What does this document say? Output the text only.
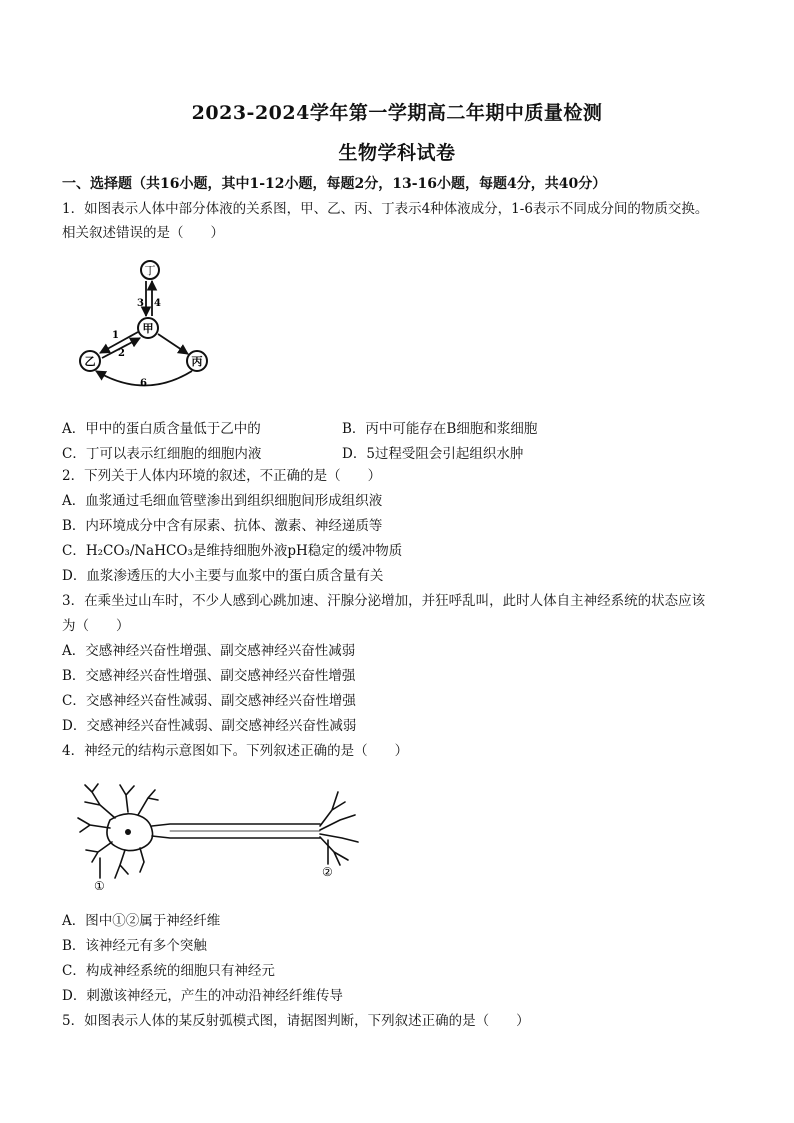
2023-2024学年第一学期高二年期中质量检测
生物学科试卷
一、选择题（共16小题，其中1-12小题，每题2分，13-16小题，每题4分，共40分）
1．如图表示人体中部分体液的关系图，甲、乙、丙、丁表示4种体液成分，1-6表示不同成分间的物质交换。
相关叙述错误的是（　　）
丁
甲
乙	丙
3 4
1
2
6
A．甲中的蛋白质含量低于乙中的	B．丙中可能存在B细胞和浆细胞
C．丁可以表示红细胞的细胞内液	D．5过程受阻会引起组织水肿
2．下列关于人体内环境的叙述，不正确的是（　　）
A．血浆通过毛细血管壁渗出到组织细胞间形成组织液
B．内环境成分中含有尿素、抗体、激素、神经递质等
C．H₂CO₃/NaHCO₃是维持细胞外液pH稳定的缓冲物质
D．血浆渗透压的大小主要与血浆中的蛋白质含量有关
3．在乘坐过山车时，不少人感到心跳加速、汗腺分泌增加，并狂呼乱叫，此时人体自主神经系统的状态应该
为（　　）
A．交感神经兴奋性增强、副交感神经兴奋性减弱
B．交感神经兴奋性增强、副交感神经兴奋性增强
C．交感神经兴奋性减弱、副交感神经兴奋性增强
D．交感神经兴奋性减弱、副交感神经兴奋性减弱
4．神经元的结构示意图如下。下列叙述正确的是（　　）
①
②
A．图中①②属于神经纤维
B．该神经元有多个突触
C．构成神经系统的细胞只有神经元
D．刺激该神经元，产生的冲动沿神经纤维传导
5．如图表示人体的某反射弧模式图，请据图判断，下列叙述正确的是（　　）
